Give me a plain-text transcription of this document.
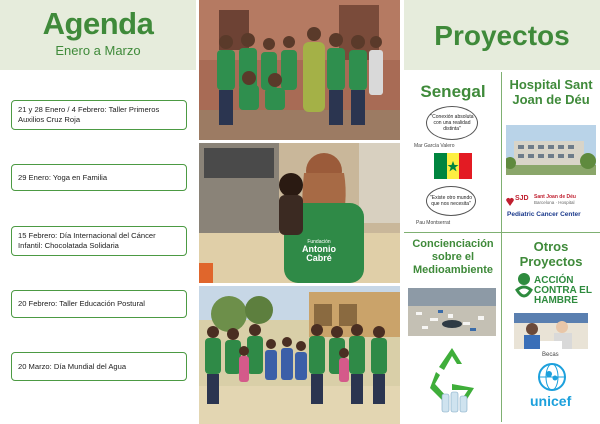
Agenda
Enero a Marzo
21 y 28 Enero / 4 Febrero: Taller Primeros Auxilios Cruz Roja
29 Enero: Yoga en Familia
15 Febrero: Día Internacional del Cáncer Infantil: Chocolatada Solidaria
20 Febrero: Taller Educación Postural
20 Marzo: Día Mundial del Agua
Fundación
Antonio
Cabré
Proyectos
Senegal
"Conexión absoluta con una realidad distinta"
Mar García Valero
"Existe otro mundo que nos necesita"
Pau Montserrat
Hospital Sant Joan de Déu
SJD Sant Joan de Déu
Barcelona · Hospital
Pediatric Cancer Center
Concienciación sobre el Medioambiente
Otros Proyectos
ACCIÓN
CONTRA EL
HAMBRE
Becas
unicef
